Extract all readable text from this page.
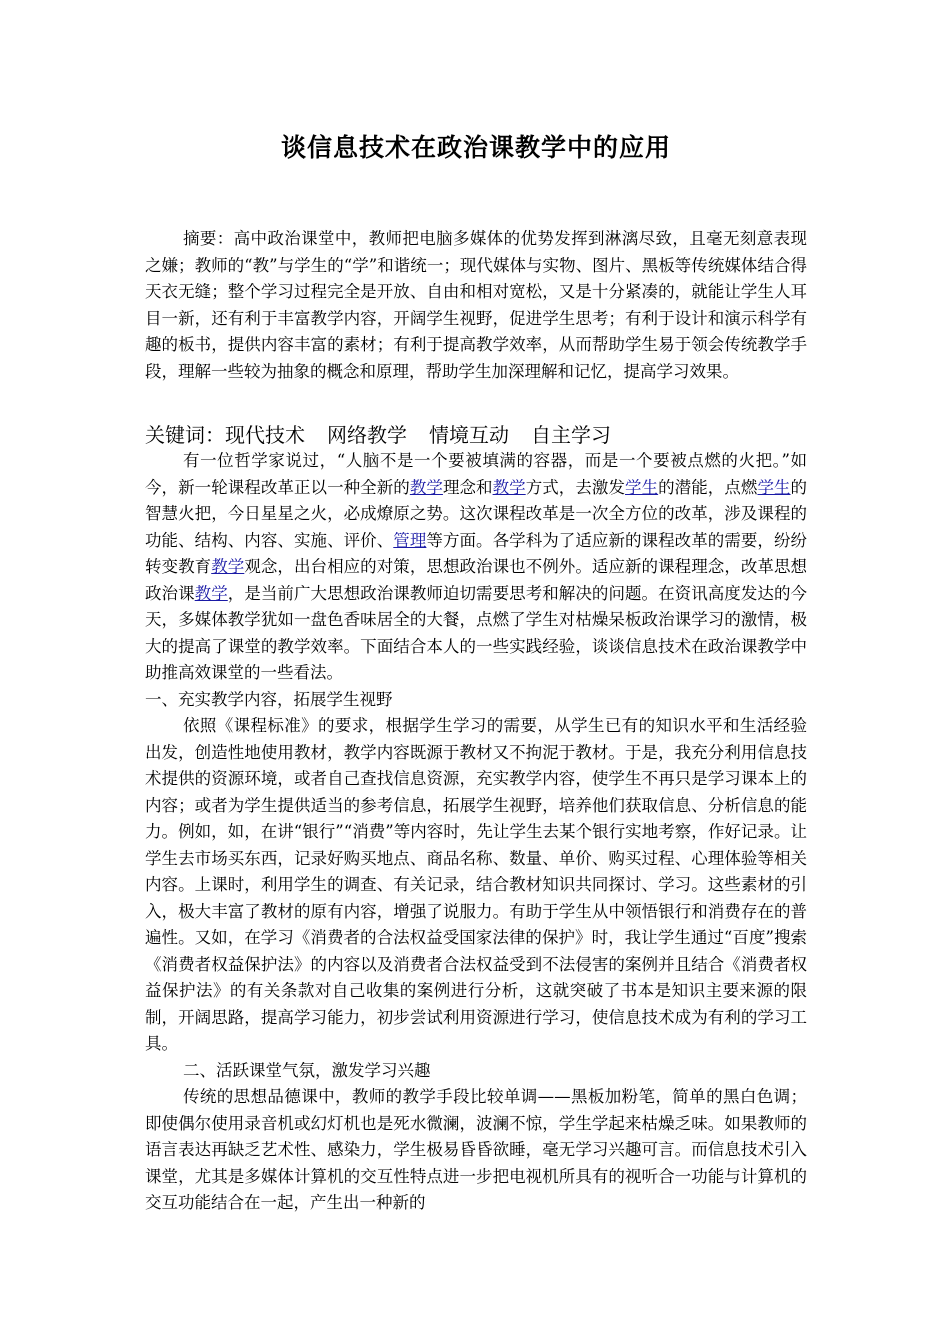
谈信息技术在政治课教学中的应用
摘要：高中政治课堂中，教师把电脑多媒体的优势发挥到淋漓尽致，且毫无刻意表现之嫌；教师的“教”与学生的“学”和谐统一；现代媒体与实物、图片、黑板等传统媒体结合得天衣无缝；整个学习过程完全是开放、自由和相对宽松，又是十分紧凑的，就能让学生人耳目一新，还有利于丰富教学内容，开阔学生视野，促进学生思考；有利于设计和演示科学有趣的板书，提供内容丰富的素材；有利于提高教学效率，从而帮助学生易于领会传统教学手段，理解一些较为抽象的概念和原理，帮助学生加深理解和记忆，提高学习效果。
关键词：现代技术 网络教学 情境互动 自主学习

有一位哲学家说过，“人脑不是一个要被填满的容器，而是一个要被点燃的火把。”如今，新一轮课程改革正以一种全新的教学理念和教学方式，去激发学生的潜能，点燃学生的智慧火把，今日星星之火，必成燎原之势。这次课程改革是一次全方位的改革，涉及课程的功能、结构、内容、实施、评价、管理等方面。各学科为了适应新的课程改革的需要，纷纷转变教育教学观念，出台相应的对策，思想政治课也不例外。适应新的课程理念，改革思想政治课教学，是当前广大思想政治课教师迫切需要思考和解决的问题。在资讯高度发达的今天，多媒体教学犹如一盘色香味居全的大餐，点燃了学生对枯燥呆板政治课学习的激情，极大的提高了课堂的教学效率。下面结合本人的一些实践经验，谈谈信息技术在政治课教学中助推高效课堂的一些看法。

一、充实教学内容，拓展学生视野

依照《课程标准》的要求，根据学生学习的需要，从学生已有的知识水平和生活经验出发，创造性地使用教材，教学内容既源于教材又不拘泥于教材。于是，我充分利用信息技术提供的资源环境，或者自己查找信息资源，充实教学内容，使学生不再只是学习课本上的内容；或者为学生提供适当的参考信息，拓展学生视野，培养他们获取信息、分析信息的能力。例如，如，在讲“银行”“消费”等内容时，先让学生去某个银行实地考察，作好记录。让学生去市场买东西，记录好购买地点、商品名称、数量、单价、购买过程、心理体验等相关内容。上课时，利用学生的调查、有关记录，结合教材知识共同探讨、学习。这些素材的引入，极大丰富了教材的原有内容，增强了说服力。有助于学生从中领悟银行和消费存在的普遍性。又如，在学习《消费者的合法权益受国家法律的保护》时，我让学生通过“百度”搜索《消费者权益保护法》的内容以及消费者合法权益受到不法侵害的案例并且结合《消费者权益保护法》的有关条款对自己收集的案例进行分析，这就突破了书本是知识主要来源的限制，开阔思路，提高学习能力，初步尝试利用资源进行学习，使信息技术成为有利的学习工具。

二、活跃课堂气氛，激发学习兴趣

传统的思想品德课中，教师的教学手段比较单调——黑板加粉笔，简单的黑白色调；即使偶尔使用录音机或幻灯机也是死水微澜，波澜不惊，学生学起来枯燥乏味。如果教师的语言表达再缺乏艺术性、感染力，学生极易昏昏欲睡，毫无学习兴趣可言。而信息技术引入课堂，尤其是多媒体计算机的交互性特点进一步把电视机所具有的视听合一功能与计算机的交互功能结合在一起，产生出一种新的
